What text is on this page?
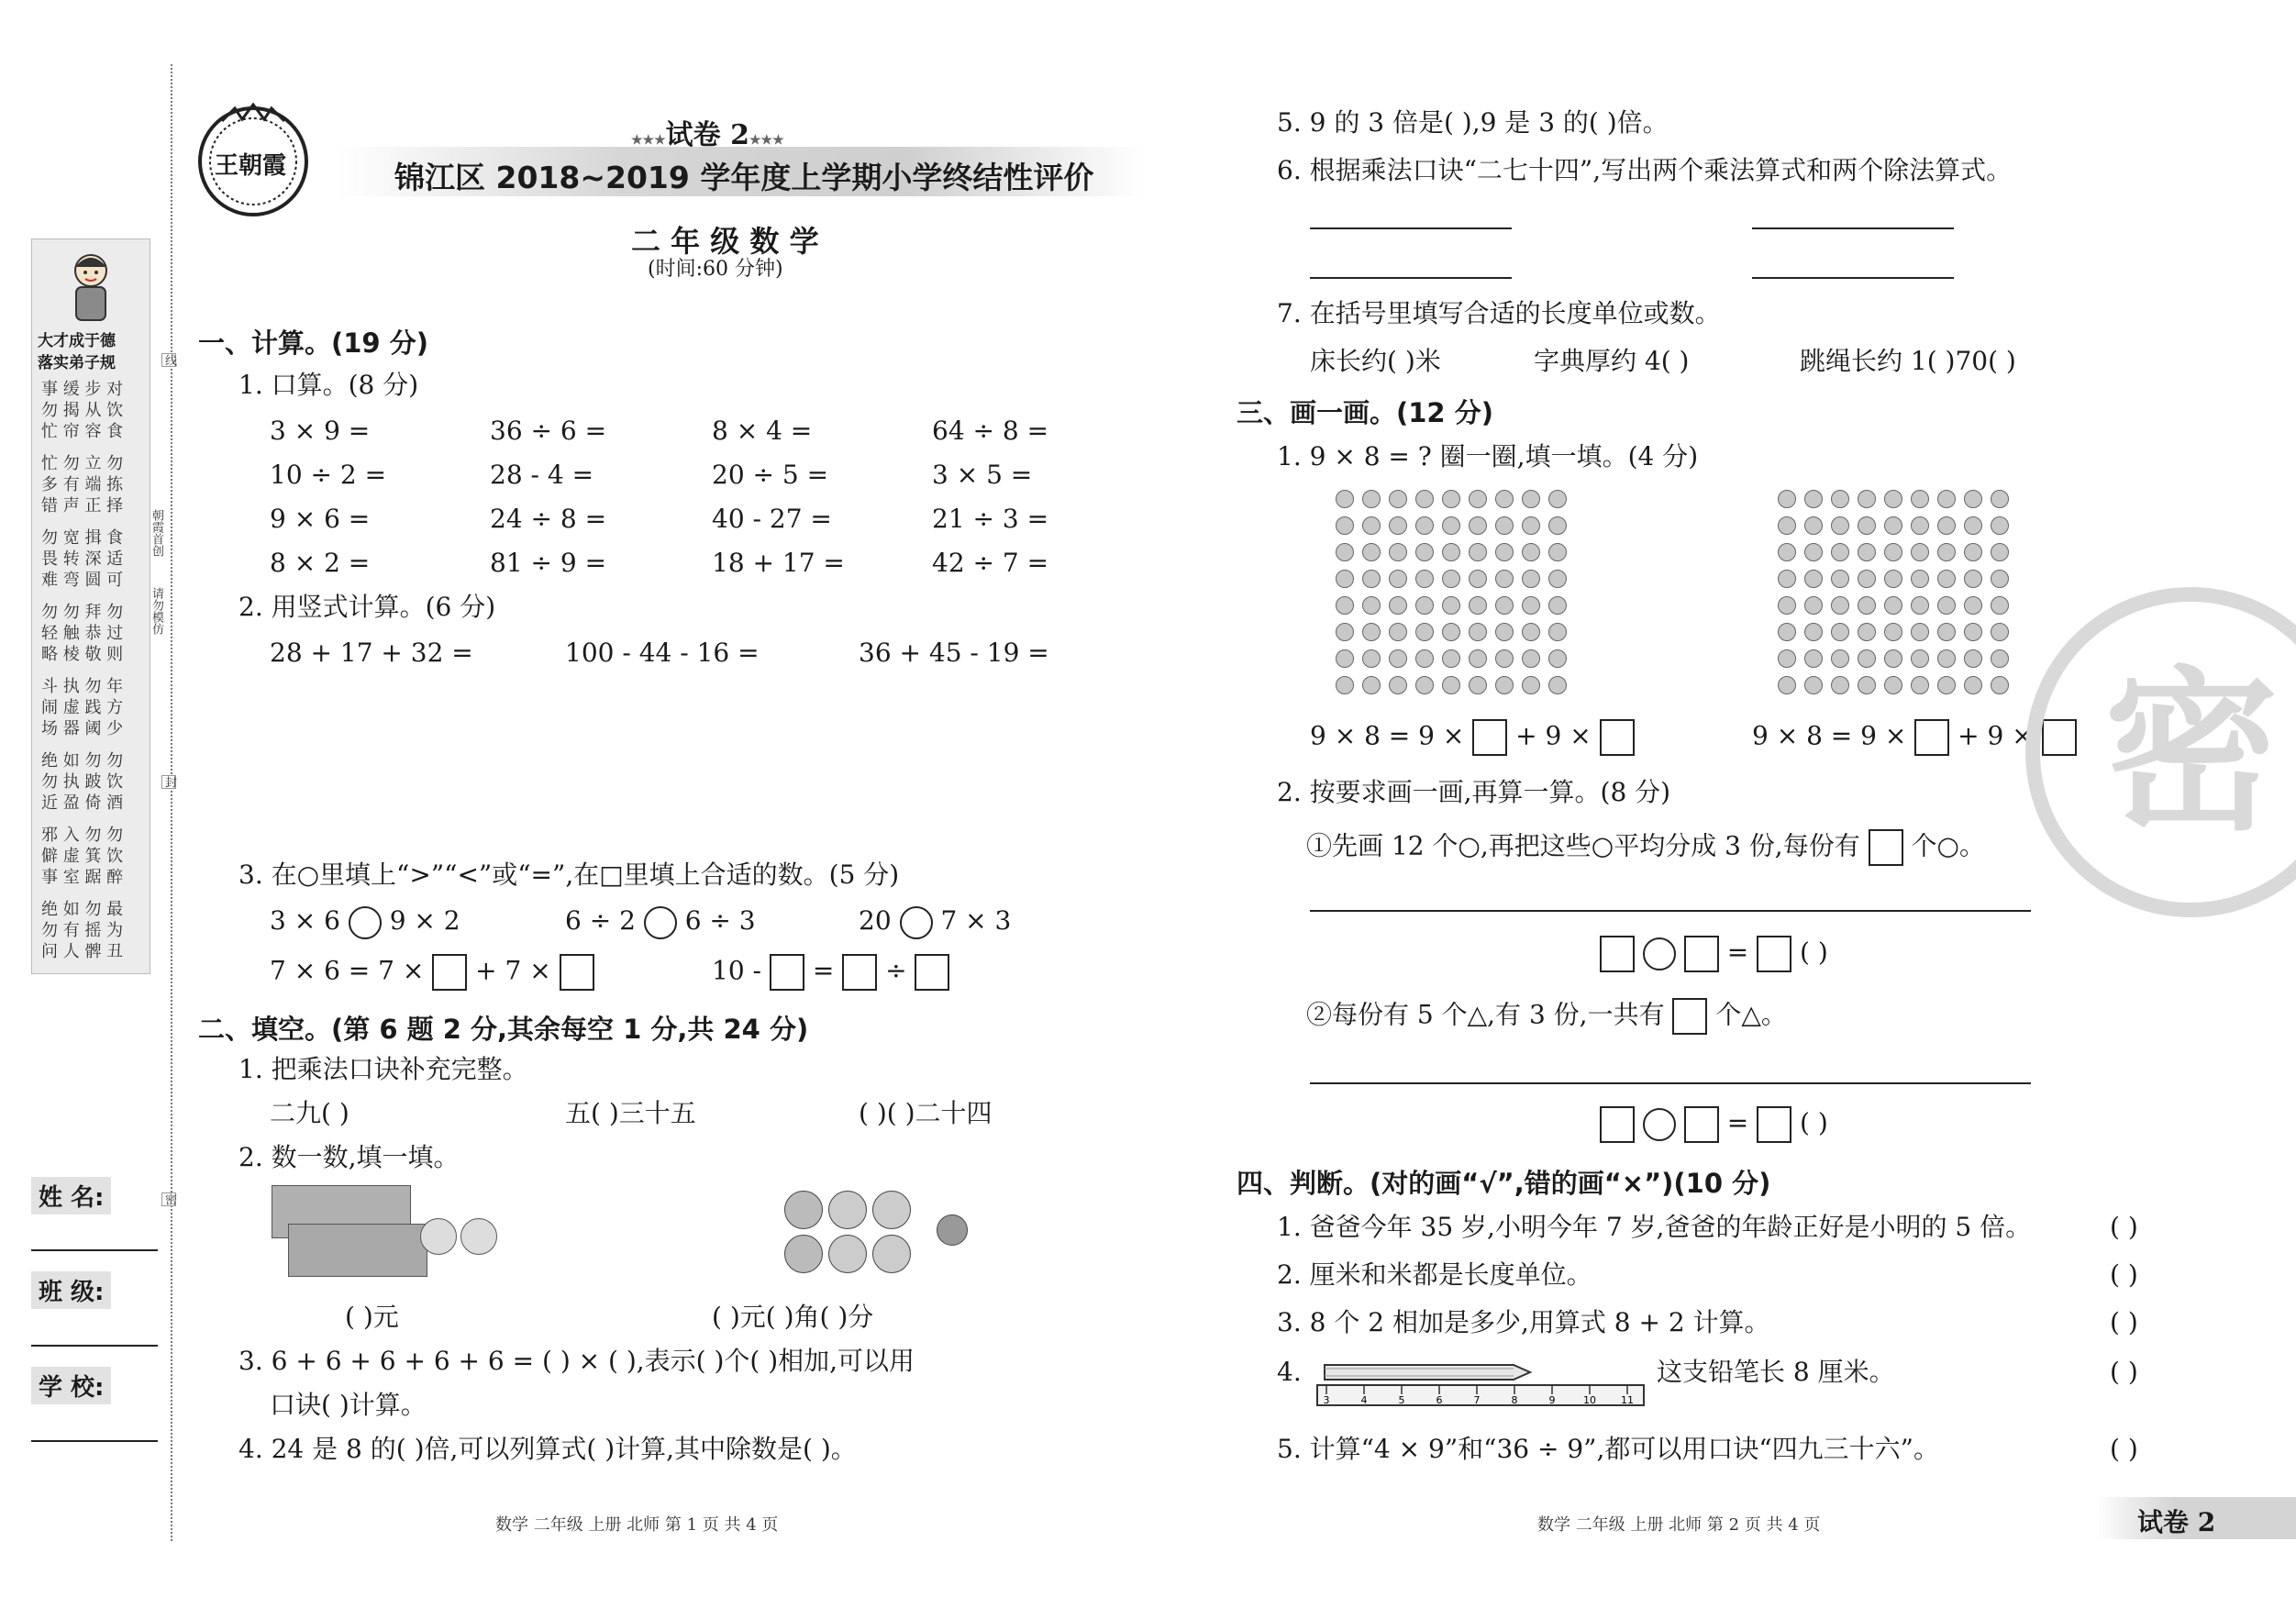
大才成于德
落实弟子规
事 缓 步 对
勿 揭 从 饮
忙 帘 容 食
忙 勿 立 勿
多 有 端 拣
错 声 正 择
勿 宽 揖 食
畏 转 深 适
难 弯 圆 可
勿 勿 拜 勿
轻 触 恭 过
略 棱 敬 则
斗 执 勿 年
闹 虚 践 方
场 器 阈 少
绝 如 勿 勿
勿 执 跛 饮
近 盈 倚 酒
邪 入 勿 勿
僻 虚 箕 饮
事 室 踞 醉
绝 如 勿 最
勿 有 摇 为
问 人 髀 丑
线
朝霞首创
请勿模仿
封
密
姓 名:
班 级:
学 校:
王朝霞
★★★试卷 2★★★
锦江区 2018~2019 学年度上学期小学终结性评价
二 年 级 数 学
(时间:60 分钟)
一、计算。(19 分)
1. 口算。(8 分)
3 × 9 =	36 ÷ 6 =	8 × 4 =	64 ÷ 8 =
10 ÷ 2 =	28 - 4 =	20 ÷ 5 =	3 × 5 =
9 × 6 =	24 ÷ 8 =	40 - 27 =	21 ÷ 3 =
8 × 2 =	81 ÷ 9 =	18 + 17 =	42 ÷ 7 =
2. 用竖式计算。(6 分)
28 + 17 + 32 =	100 - 44 - 16 =	36 + 45 - 19 =
3. 在○里填上“>”“<”或“=”,在□里填上合适的数。(5 分)
3 × 6 9 × 2	6 ÷ 2 6 ÷ 3	20 7 × 3
7 × 6 = 7 × + 7 ×	10 - = ÷
二、填空。(第 6 题 2 分,其余每空 1 分,共 24 分)
1. 把乘法口诀补充完整。
二九( )	五( )三十五	( )( )二十四
2. 数一数,填一填。
( )元	( )元( )角( )分
3. 6 + 6 + 6 + 6 + 6 = ( ) × ( ),表示( )个( )相加,可以用
口诀( )计算。
4. 24 是 8 的( )倍,可以列算式( )计算,其中除数是( )。
数学 二年级 上册 北师 第 1 页 共 4 页
5. 9 的 3 倍是( ),9 是 3 的( )倍。
6. 根据乘法口诀“二七十四”,写出两个乘法算式和两个除法算式。
7. 在括号里填写合适的长度单位或数。
床长约( )米	字典厚约 4( )	跳绳长约 1( )70( )
三、画一画。(12 分)
1. 9 × 8 = ? 圈一圈,填一填。(4 分)
9 × 8 = 9 × + 9 ×	9 × 8 = 9 × + 9 ×
2. 按要求画一画,再算一算。(8 分)
①先画 12 个○,再把这些○平均分成 3 份,每份有 个○。
= ( )
②每份有 5 个△,有 3 份,一共有 个△。
= ( )
四、判断。(对的画“√”,错的画“×”)(10 分)
1. 爸爸今年 35 岁,小明今年 7 岁,爸爸的年龄正好是小明的 5 倍。
2. 厘米和米都是长度单位。
3. 8 个 2 相加是多少,用算式 8 + 2 计算。
4.
5. 计算“4 × 9”和“36 ÷ 9”,都可以用口诀“四九三十六”。
3	4	5	6	7	8	9	10 11
这支铅笔长 8 厘米。
( )
( )
( )
( )
( )
数学 二年级 上册 北师 第 2 页 共 4 页	试卷 2
密
